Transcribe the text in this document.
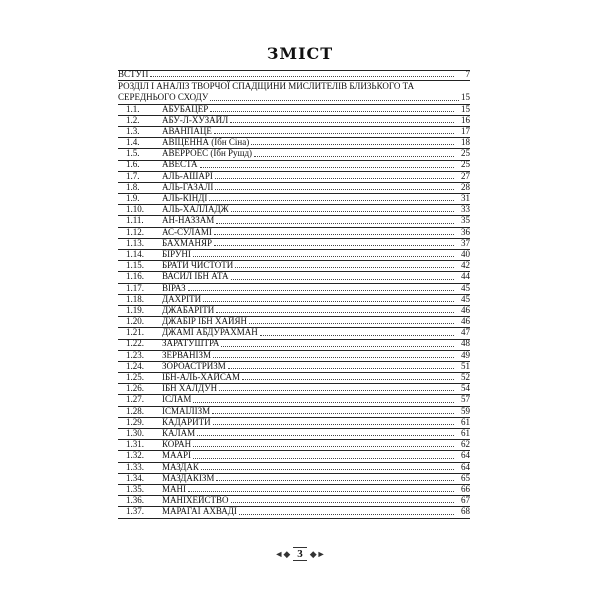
ЗМІСТ
ВСТУП	7
РОЗДІЛ І АНАЛІЗ ТВОРЧОЇ СПАДЩИНИ МИСЛИТЕЛІВ БЛИЗЬКОГО ТА
СЕРЕДНЬОГО СХОДУ	15
1.1.	АБУБАЦЕР	15
1.2.	АБУ-Л-ХУЗАЙЛ	16
1.3.	АВАНПАЦЕ	17
1.4.	АВІЦЕННА (Ібн Сіна)	18
1.5.	АВЕРРОЕС (Ібн Рушд)	25
1.6.	АВЕСТА	25
1.7.	АЛЬ-АШАРІ	27
1.8.	АЛЬ-ГАЗАЛІ	28
1.9.	АЛЬ-КІНДІ	31
1.10.	АЛЬ-ХАЛЛАДЖ	33
1.11.	АН-НАЗЗАМ	35
1.12.	АС-СУЛАМІ	36
1.13.	БАХМАНЯР	37
1.14.	БІРУНІ	40
1.15.	БРАТИ ЧИСТОТИ	42
1.16.	ВАСИЛ ІБН АТА	44
1.17.	ВІРАЗ	45
1.18.	ДАХРІТИ	45
1.19.	ДЖАБАРІТИ	46
1.20.	ДЖАБІР ІБН ХАЙЯН	46
1.21.	ДЖАМІ АБДУРАХМАН	47
1.22.	ЗАРАТУШТРА	48
1.23.	ЗЕРВАНІЗМ	49
1.24.	ЗОРОАСТРИЗМ	51
1.25.	ІБН-АЛЬ-ХАЙСАМ	52
1.26.	ІБН ХАЛДУН	54
1.27.	ІСЛАМ	57
1.28.	ІСМАЇЛІЗМ	59
1.29.	КАДАРИТИ	61
1.30.	КАЛАМ	61
1.31.	КОРАН	62
1.32.	МААРІ	64
1.33.	МАЗДАК	64
1.34.	МАЗДАКІЗМ	65
1.35.	МАНІ	66
1.36.	МАНІХЕЙСТВО	67
1.37.	МАРАГАЇ АХВАДІ	68
◄◆ 3 ◆►
